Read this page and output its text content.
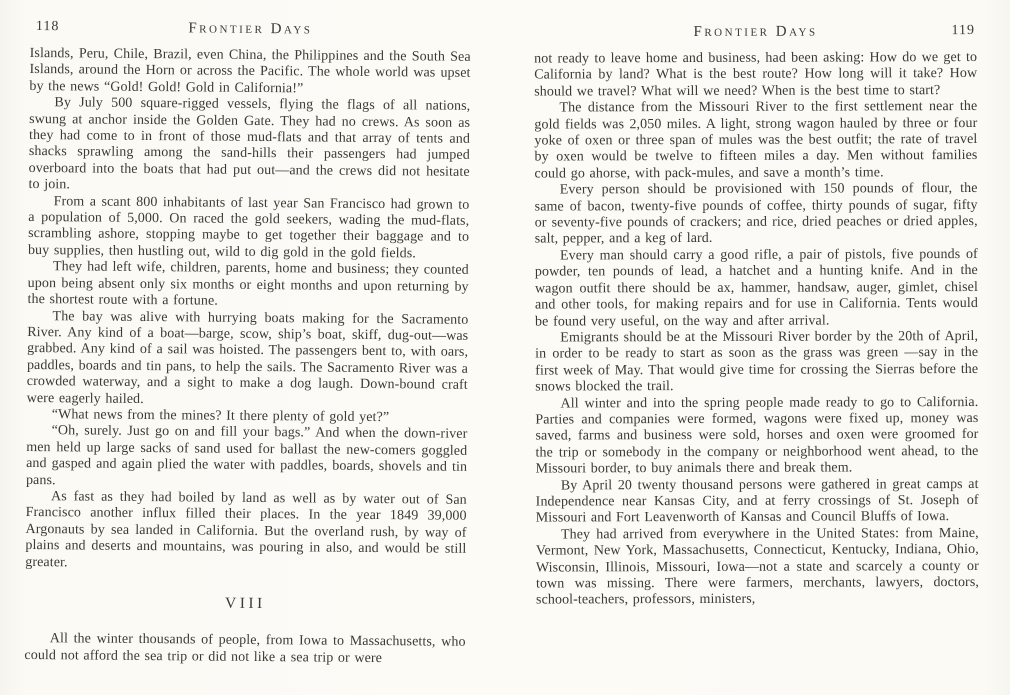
118	Frontier Days

Islands, Peru, Chile, Brazil, even China, the Philippines and the South Sea Islands, around the Horn or across the Pacific. The whole world was upset by the news “Gold! Gold! Gold in California!”

By July 500 square-rigged vessels, flying the flags of all nations, swung at anchor inside the Golden Gate. They had no crews. As soon as they had come to in front of those mud-flats and that array of tents and shacks sprawling among the sand-hills their passengers had jumped overboard into the boats that had put out—and the crews did not hesitate to join.

From a scant 800 inhabitants of last year San Francisco had grown to a population of 5,000. On raced the gold seekers, wading the mud-flats, scrambling ashore, stopping maybe to get together their baggage and to buy supplies, then hustling out, wild to dig gold in the gold fields.

They had left wife, children, parents, home and business; they counted upon being absent only six months or eight months and upon returning by the shortest route with a fortune.

The bay was alive with hurrying boats making for the Sacramento River. Any kind of a boat—barge, scow, ship’s boat, skiff, dug-out—was grabbed. Any kind of a sail was hoisted. The passengers bent to, with oars, paddles, boards and tin pans, to help the sails. The Sacramento River was a crowded waterway, and a sight to make a dog laugh. Down-bound craft were eagerly hailed.

“What news from the mines? It there plenty of gold yet?”

“Oh, surely. Just go on and fill your bags.” And when the down-river men held up large sacks of sand used for ballast the new-comers goggled and gasped and again plied the water with paddles, boards, shovels and tin pans.

As fast as they had boiled by land as well as by water out of San Francisco another influx filled their places. In the year 1849 39,000 Argonauts by sea landed in California. But the overland rush, by way of plains and deserts and mountains, was pouring in also, and would be still greater.

VIII

All the winter thousands of people, from Iowa to Massachusetts, who could not afford the sea trip or did not like a sea trip or were

Frontier Days	119

not ready to leave home and business, had been asking: How do we get to California by land? What is the best route? How long will it take? How should we travel? What will we need? When is the best time to start?

The distance from the Missouri River to the first settlement near the gold fields was 2,050 miles. A light, strong wagon hauled by three or four yoke of oxen or three span of mules was the best outfit; the rate of travel by oxen would be twelve to fifteen miles a day. Men without families could go ahorse, with pack-mules, and save a month’s time.

Every person should be provisioned with 150 pounds of flour, the same of bacon, twenty-five pounds of coffee, thirty pounds of sugar, fifty or seventy-five pounds of crackers; and rice, dried peaches or dried apples, salt, pepper, and a keg of lard.

Every man should carry a good rifle, a pair of pistols, five pounds of powder, ten pounds of lead, a hatchet and a hunting knife. And in the wagon outfit there should be ax, hammer, handsaw, auger, gimlet, chisel and other tools, for making repairs and for use in California. Tents would be found very useful, on the way and after arrival.

Emigrants should be at the Missouri River border by the 20th of April, in order to be ready to start as soon as the grass was green —say in the first week of May. That would give time for crossing the Sierras before the snows blocked the trail.

All winter and into the spring people made ready to go to California. Parties and companies were formed, wagons were fixed up, money was saved, farms and business were sold, horses and oxen were groomed for the trip or somebody in the company or neighborhood went ahead, to the Missouri border, to buy animals there and break them.

By April 20 twenty thousand persons were gathered in great camps at Independence near Kansas City, and at ferry crossings of St. Joseph of Missouri and Fort Leavenworth of Kansas and Council Bluffs of Iowa.

They had arrived from everywhere in the United States: from Maine, Vermont, New York, Massachusetts, Connecticut, Kentucky, Indiana, Ohio, Wisconsin, Illinois, Missouri, Iowa—not a state and scarcely a county or town was missing. There were farmers, merchants, lawyers, doctors, school-teachers, professors, ministers,
